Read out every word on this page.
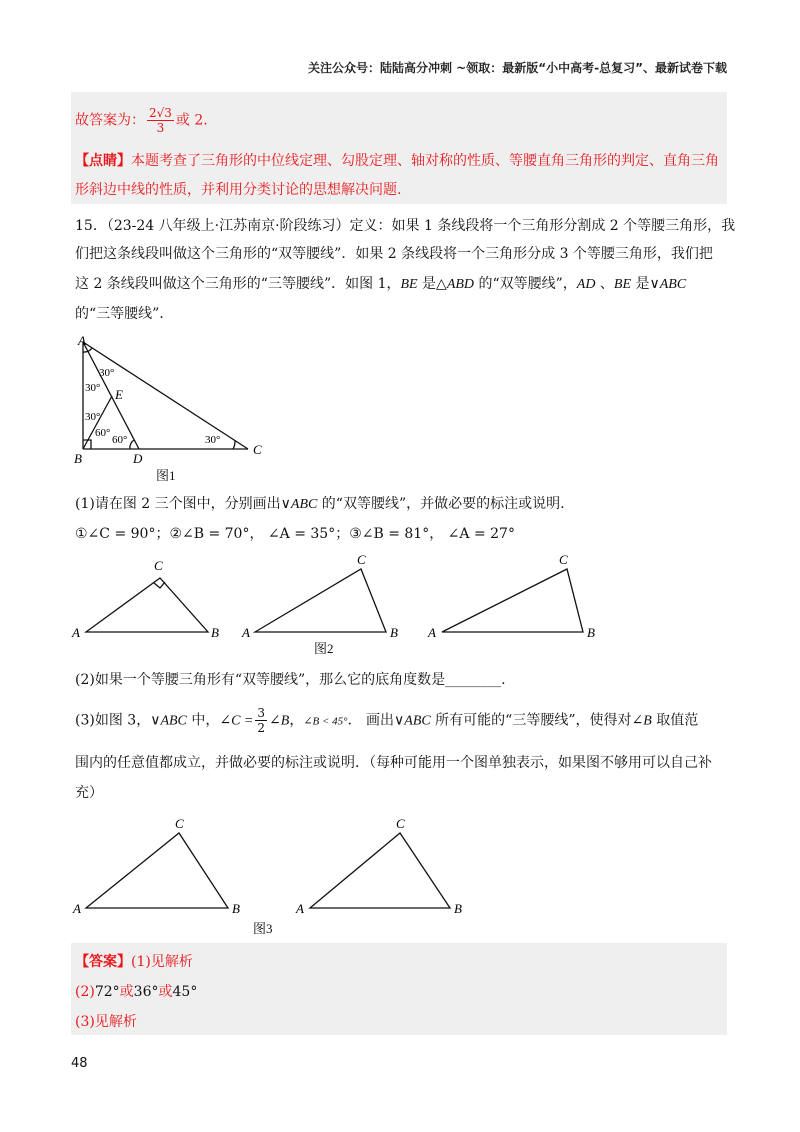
关注公众号：陆陆高分冲刺 ~领取：最新版“小中高考-总复习”、最新试卷下载
故答案为： $\frac{2√3}{3}$ 或 2.
【点睛】本题考查了三角形的中位线定理、勾股定理、轴对称的性质、等腰直角三角形的判定、直角三角
形斜边中线的性质，并利用分类讨论的思想解决问题.
15．（23-24 八年级上·江苏南京·阶段练习）定义：如果 1 条线段将一个三角形分割成 2 个等腰三角形，我
们把这条线段叫做这个三角形的“双等腰线”．如果 2 条线段将一个三角形分成 3 个等腰三角形，我们把
这 2 条线段叫做这个三角形的“三等腰线”．如图 1，BE 是△ABD 的“双等腰线”，AD 、BE 是∨ABC
的“三等腰线”．
A
B
C
D
E
30°
30°
30°
60°
60°	30°
图1
(1)请在图 2 三个图中，分别画出∨ABC 的“双等腰线”，并做必要的标注或说明.
①∠C = 90°；②∠B = 70°， ∠A = 35°；③∠B = 81°， ∠A = 27°
C
A	B
C
A	B
C
A	B
图2
(2)如果一个等腰三角形有“双等腰线”，那么它的底角度数是________.
(3)如图 3，∨ABC 中，∠C = $\frac{3}{2}$ ∠B，∠B < 45°． 画出∨ABC 所有可能的“三等腰线”，使得对∠B 取值范
围内的任意值都成立，并做必要的标注或说明．（每种可能用一个图单独表示，如果图不够用可以自己补
充）
C
A	B
C
A	B
图3
【答案】(1)见解析
(2)72°或36°或45°
(3)见解析
48
